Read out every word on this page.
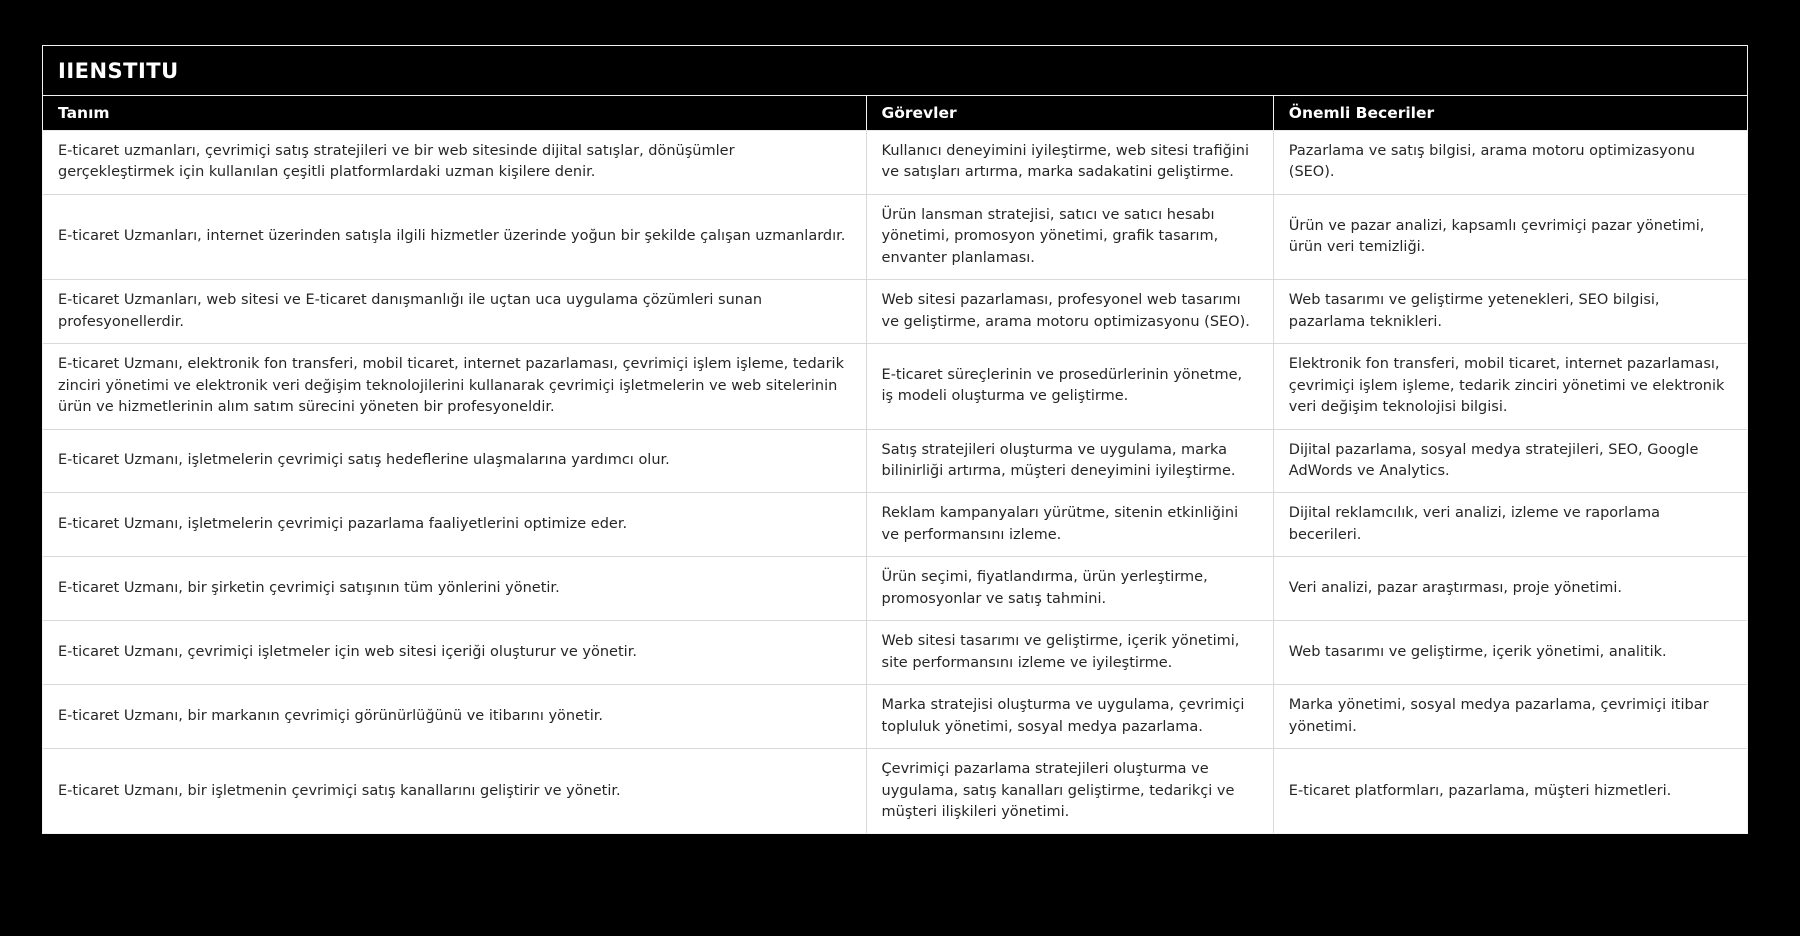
IIENSTITU
Tanım	Görevler	Önemli Beceriler
E-ticaret uzmanları, çevrimiçi satış stratejileri ve bir web sitesinde dijital satışlar, dönüşümler gerçekleştirmek için kullanılan çeşitli platformlardaki uzman kişilere denir.	Kullanıcı deneyimini iyileştirme, web sitesi trafiğini ve satışları artırma, marka sadakatini geliştirme.	Pazarlama ve satış bilgisi, arama motoru optimizasyonu (SEO).
E-ticaret Uzmanları, internet üzerinden satışla ilgili hizmetler üzerinde yoğun bir şekilde çalışan uzmanlardır.	Ürün lansman stratejisi, satıcı ve satıcı hesabı yönetimi, promosyon yönetimi, grafik tasarım, envanter planlaması.	Ürün ve pazar analizi, kapsamlı çevrimiçi pazar yönetimi, ürün veri temizliği.
E-ticaret Uzmanları, web sitesi ve E-ticaret danışmanlığı ile uçtan uca uygulama çözümleri sunan profesyonellerdir.	Web sitesi pazarlaması, profesyonel web tasarımı ve geliştirme, arama motoru optimizasyonu (SEO).	Web tasarımı ve geliştirme yetenekleri, SEO bilgisi, pazarlama teknikleri.
E-ticaret Uzmanı, elektronik fon transferi, mobil ticaret, internet pazarlaması, çevrimiçi işlem işleme, tedarik zinciri yönetimi ve elektronik veri değişim teknolojilerini kullanarak çevrimiçi işletmelerin ve web sitelerinin ürün ve hizmetlerinin alım satım sürecini yöneten bir profesyoneldir.	E-ticaret süreçlerinin ve prosedürlerinin yönetme, iş modeli oluşturma ve geliştirme.	Elektronik fon transferi, mobil ticaret, internet pazarlaması, çevrimiçi işlem işleme, tedarik zinciri yönetimi ve elektronik veri değişim teknolojisi bilgisi.
E-ticaret Uzmanı, işletmelerin çevrimiçi satış hedeflerine ulaşmalarına yardımcı olur.	Satış stratejileri oluşturma ve uygulama, marka bilinirliği artırma, müşteri deneyimini iyileştirme.	Dijital pazarlama, sosyal medya stratejileri, SEO, Google AdWords ve Analytics.
E-ticaret Uzmanı, işletmelerin çevrimiçi pazarlama faaliyetlerini optimize eder.	Reklam kampanyaları yürütme, sitenin etkinliğini ve performansını izleme.	Dijital reklamcılık, veri analizi, izleme ve raporlama becerileri.
E-ticaret Uzmanı, bir şirketin çevrimiçi satışının tüm yönlerini yönetir.	Ürün seçimi, fiyatlandırma, ürün yerleştirme, promosyonlar ve satış tahmini.	Veri analizi, pazar araştırması, proje yönetimi.
E-ticaret Uzmanı, çevrimiçi işletmeler için web sitesi içeriği oluşturur ve yönetir.	Web sitesi tasarımı ve geliştirme, içerik yönetimi, site performansını izleme ve iyileştirme.	Web tasarımı ve geliştirme, içerik yönetimi, analitik.
E-ticaret Uzmanı, bir markanın çevrimiçi görünürlüğünü ve itibarını yönetir.	Marka stratejisi oluşturma ve uygulama, çevrimiçi topluluk yönetimi, sosyal medya pazarlama.	Marka yönetimi, sosyal medya pazarlama, çevrimiçi itibar yönetimi.
E-ticaret Uzmanı, bir işletmenin çevrimiçi satış kanallarını geliştirir ve yönetir.	Çevrimiçi pazarlama stratejileri oluşturma ve uygulama, satış kanalları geliştirme, tedarikçi ve müşteri ilişkileri yönetimi.	E-ticaret platformları, pazarlama, müşteri hizmetleri.
